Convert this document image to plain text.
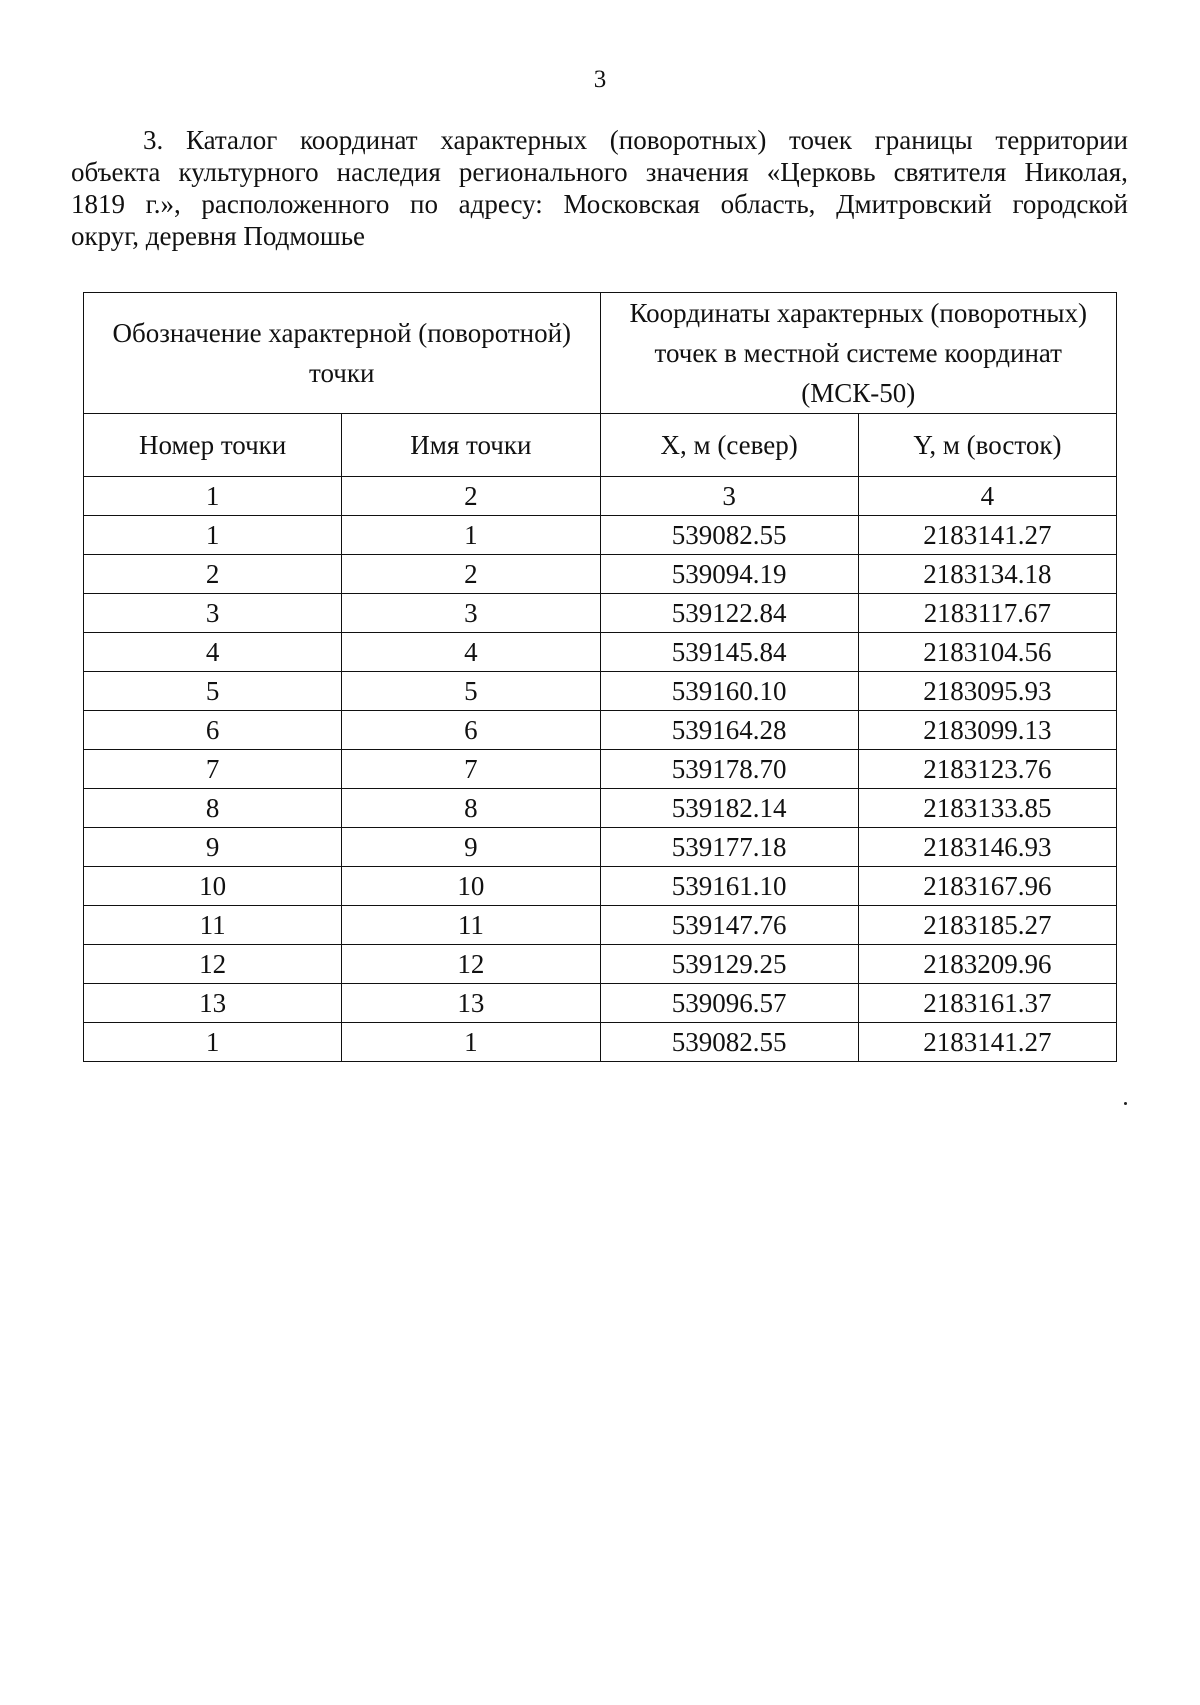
3
3. Каталог координат характерных (поворотных) точек границы территории
объекта культурного наследия регионального значения «Церковь святителя Николая,
1819 г.», расположенного по адресу: Московская область, Дмитровский городской
округ, деревня Подмошье
Обозначение характерной (поворотной) точки		Координаты характерных (поворотных) точек в местной системе координат (МСК-50)	
Номер точки	Имя точки	X, м (север)	Y, м (восток)
1	2	3	4
1	1	539082.55	2183141.27
2	2	539094.19	2183134.18
3	3	539122.84	2183117.67
4	4	539145.84	2183104.56
5	5	539160.10	2183095.93
6	6	539164.28	2183099.13
7	7	539178.70	2183123.76
8	8	539182.14	2183133.85
9	9	539177.18	2183146.93
10	10	539161.10	2183167.96
11	11	539147.76	2183185.27
12	12	539129.25	2183209.96
13	13	539096.57	2183161.37
1	1	539082.55	2183141.27
